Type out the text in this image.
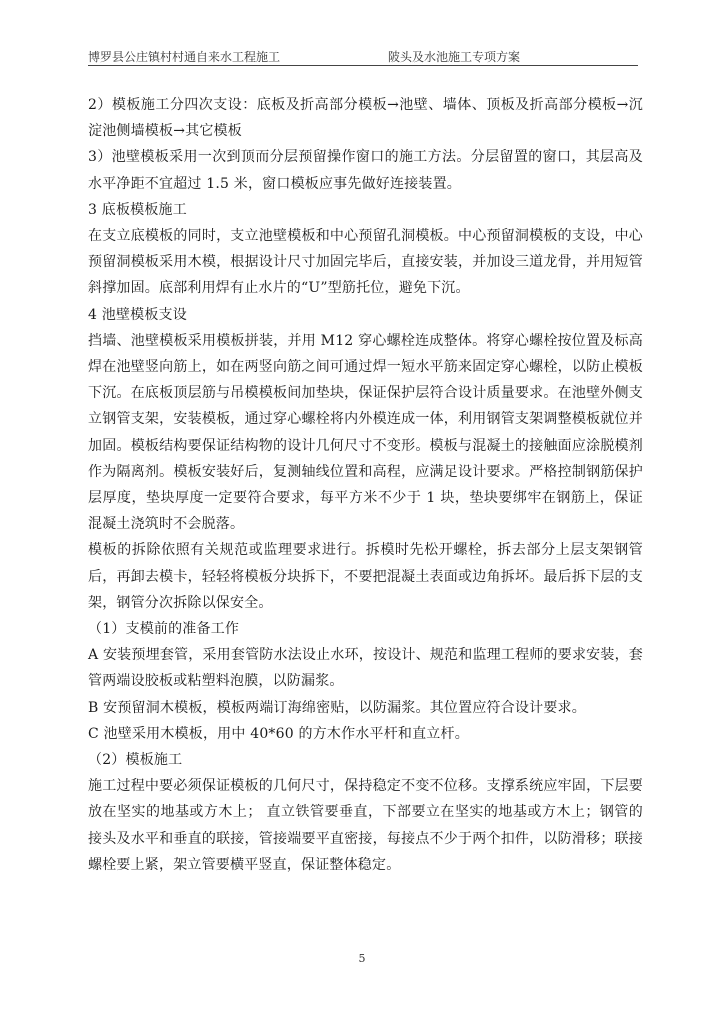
博罗县公庄镇村村通自来水工程施工	陂头及水池施工专项方案

2）模板施工分四次支设：底板及折高部分模板→池壁、墙体、顶板及折高部分模板→沉淀池侧墙模板→其它模板

3）池壁模板采用一次到顶而分层预留操作窗口的施工方法。分层留置的窗口，其层高及水平净距不宜超过 1.5 米，窗口模板应事先做好连接装置。

3 底板模板施工

在支立底模板的同时，支立池壁模板和中心预留孔洞模板。中心预留洞模板的支设，中心预留洞模板采用木模，根据设计尺寸加固完毕后，直接安装，并加设三道龙骨，并用短管斜撑加固。底部利用焊有止水片的“U”型筋托位，避免下沉。

4 池壁模板支设

挡墙、池壁模板采用模板拼装，并用 M12 穿心螺栓连成整体。将穿心螺栓按位置及标高焊在池壁竖向筋上，如在两竖向筋之间可通过焊一短水平筋来固定穿心螺栓，以防止模板下沉。在底板顶层筋与吊模模板间加垫块，保证保护层符合设计质量要求。在池壁外侧支立钢管支架，安装模板，通过穿心螺栓将内外模连成一体，利用钢管支架调整模板就位并加固。模板结构要保证结构物的设计几何尺寸不变形。模板与混凝土的接触面应涂脱模剂作为隔离剂。模板安装好后，复测轴线位置和高程，应满足设计要求。严格控制钢筋保护层厚度，垫块厚度一定要符合要求，每平方米不少于 1 块，垫块要绑牢在钢筋上，保证混凝土浇筑时不会脱落。

模板的拆除依照有关规范或监理要求进行。拆模时先松开螺栓，拆去部分上层支架钢管后，再卸去模卡，轻轻将模板分块拆下，不要把混凝土表面或边角拆坏。最后拆下层的支架，钢管分次拆除以保安全。

（1）支模前的准备工作

A 安装预埋套管，采用套管防水法设止水环，按设计、规范和监理工程师的要求安装，套管两端设胶板或粘塑料泡膜，以防漏浆。

B 安预留洞木模板，模板两端订海绵密贴，以防漏浆。其位置应符合设计要求。

C 池壁采用木模板，用中 40*60 的方木作水平杆和直立杆。

（2）模板施工

施工过程中要必须保证模板的几何尺寸，保持稳定不变不位移。支撑系统应牢固，下层要放在坚实的地基或方木上； 直立铁管要垂直，下部要立在坚实的地基或方木上；钢管的接头及水平和垂直的联接，管接端要平直密接，每接点不少于两个扣件，以防滑移；联接螺栓要上紧，架立管要横平竖直，保证整体稳定。

5
